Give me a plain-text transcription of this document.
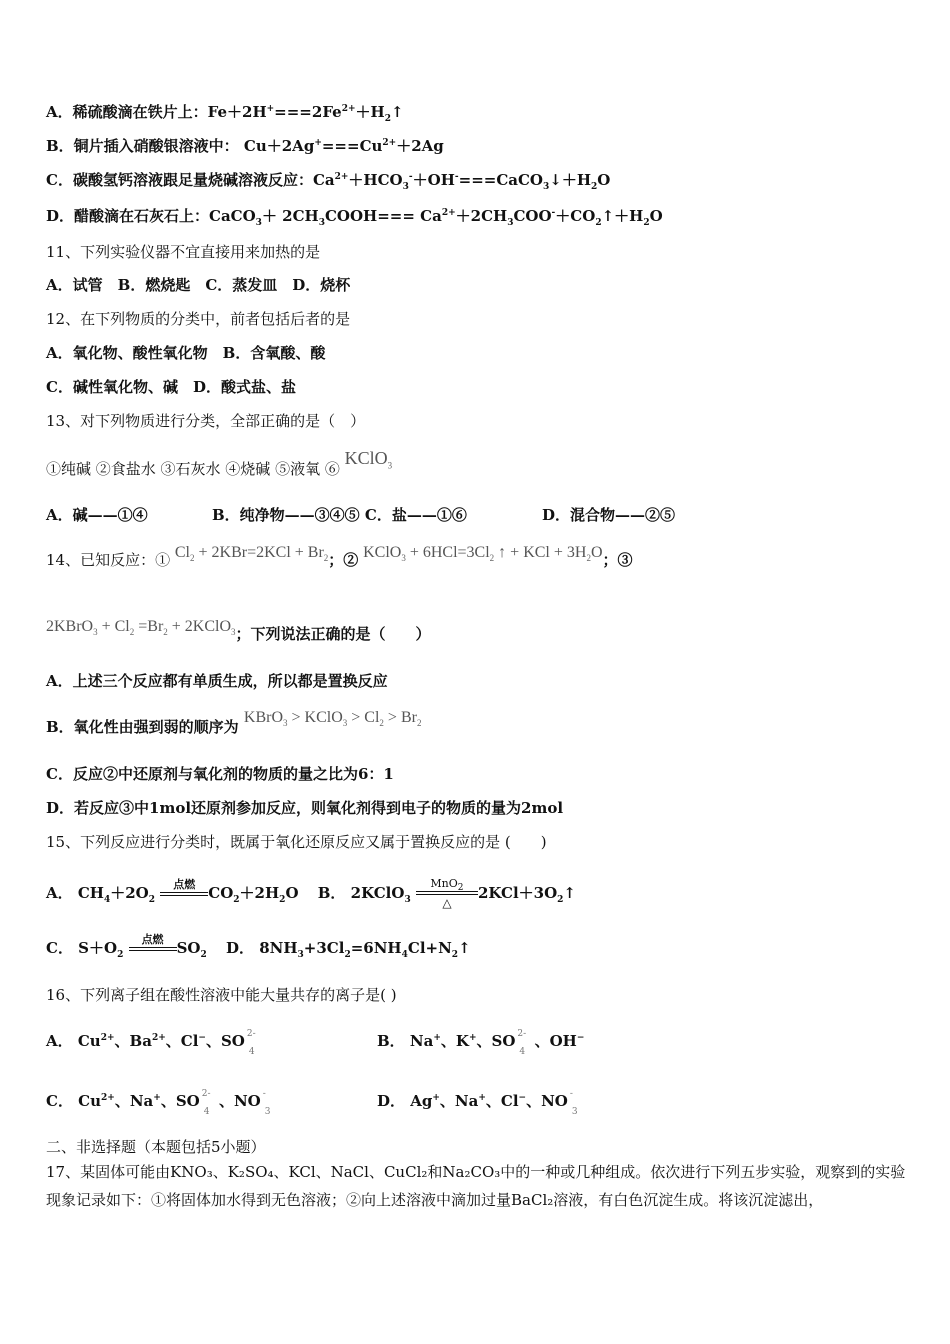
A．稀硫酸滴在铁片上：$Fe+2H^+===2Fe^{2+}+H_2↑$
B．铜片插入硝酸银溶液中： $Cu+2Ag^+===Cu^{2+}+2Ag$
C．碳酸氢钙溶液跟足量烧碱溶液反应：$Ca^{2+}+HCO_3^-+OH^-===CaCO_3↓+H_2O$
D．醋酸滴在石灰石上：CaCO$_3$＋ $2CH_3COOH===$ $Ca^{2+}+2CH_3COO^-+CO_2↑+H_2O$
11、下列实验仪器不宜直接用来加热的是
A．试管　B．燃烧匙　C．蒸发皿　D．烧杯
12、在下列物质的分类中，前者包括后者的是
A．氧化物、酸性氧化物　B．含氧酸、酸
C．碱性氧化物、碱　D．酸式盐、盐
13、对下列物质进行分类，全部正确的是（　）
①纯碱 ②食盐水 ③石灰水 ④烧碱 ⑤液氧 ⑥ KClO$_3$
A．碱——①④	B．纯净物——③④⑤ C．盐——①⑥	D．混合物——②⑤
14、已知反应：① $Cl_2 + 2KBr=2KCl + Br_2$；② KClO$_3$ + $6HCl=3Cl_2$ ↑ + KCl + $3H_2O$；③
2KBrO$_3$ + $Cl_2 =Br_2$ + 2KClO$_3$；下列说法正确的是（　　）
A．上述三个反应都有单质生成，所以都是置换反应
B．氧化性由强到弱的顺序为 KBrO$_3$ > KClO$_3$ > $Cl_2 > Br_2$
C．反应②中还原剂与氧化剂的物质的量之比为6：1
D．若反应③中1mol还原剂参加反应，则氧化剂得到电子的物质的量为2mol
15、下列反应进行分类时，既属于氧化还原反应又属于置换反应的是 (　　)
A． $CH_4+2O_2$
点燃 $CO_2+2H_2O$ B． 2KClO$_3$
MnO$_2$
△
$2KCl+3O_2↑$
C． $S+O_2$
点燃 $SO_2$ D． $8NH_3+3Cl_2=6NH_4Cl+N_2↑$
16、下列离子组在酸性溶液中能大量共存的离子是( )
A． $Cu^{2+}$、$Ba^{2+}$、Cl−、SO 2-
4
B． Na+、K+、SO 2-
4
、OH−
C． $Cu^{2+}$、Na+、SO 2-
4
、NO -
3
D． Ag+、Na+、Cl−、NO -
3
二、非选择题（本题包括5小题）
17、某固体可能由KNO₃、K₂SO₄、KCl、NaCl、CuCl₂和Na₂CO₃中的一种或几种组成。依次进行下列五步实验，观察到的实验现象记录如下：①将固体加水得到无色溶液；②向上述溶液中滴加过量BaCl₂溶液，有白色沉淀生成。将该沉淀滤出，
